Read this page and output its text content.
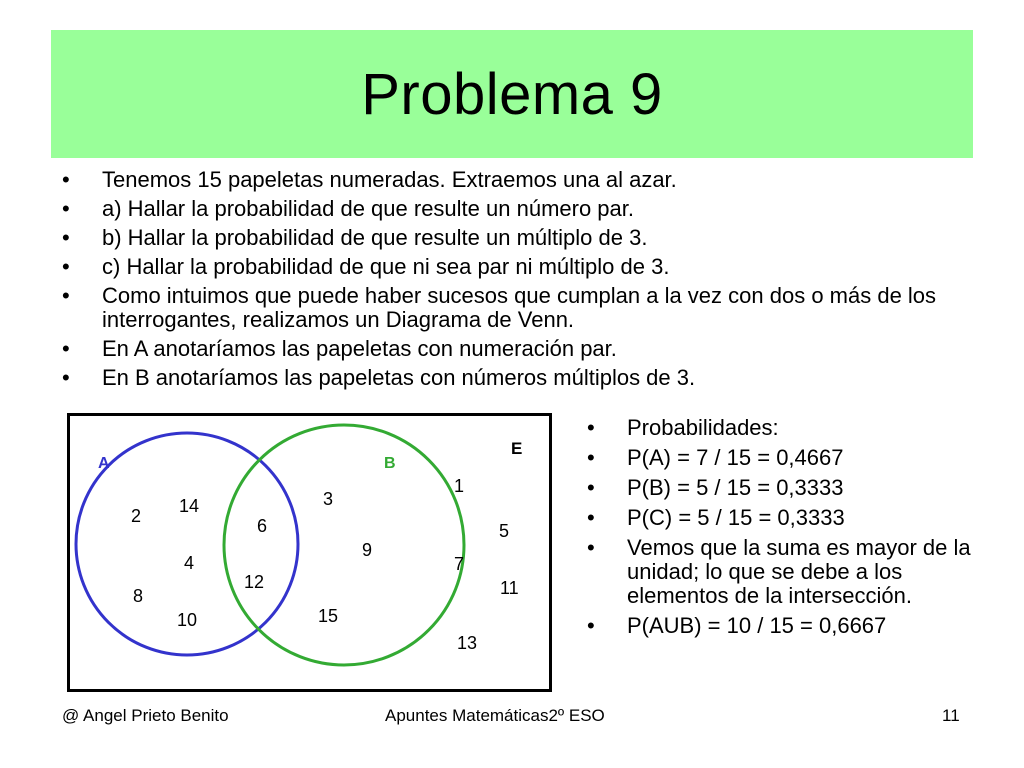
Problema 9
• Tenemos 15 papeletas numeradas. Extraemos una al azar.
• a) Hallar la probabilidad de que resulte un número par.
• b) Hallar la probabilidad de que resulte un múltiplo de 3.
• c) Hallar la probabilidad de que ni sea par ni múltiplo de 3.
• Como intuimos que puede haber sucesos que cumplan a la vez con dos o más de los interrogantes, realizamos un Diagrama de Venn.
• En A anotaríamos las papeletas con numeración par.
• En B anotaríamos las papeletas con números múltiplos de 3.
A	B
E
2 14
4
8
10
6
12
3
9
15
1
5
7
11
13
• Probabilidades:
• P(A) = 7 / 15 = 0,4667
• P(B) = 5 / 15 = 0,3333
• P(C) = 5 / 15 = 0,3333
• Vemos que la suma es mayor de la unidad; lo que se debe a los elementos de la intersección.
• P(AUB) = 10 / 15 = 0,6667
@ Angel Prieto Benito	Apuntes Matemáticas2º ESO	11
